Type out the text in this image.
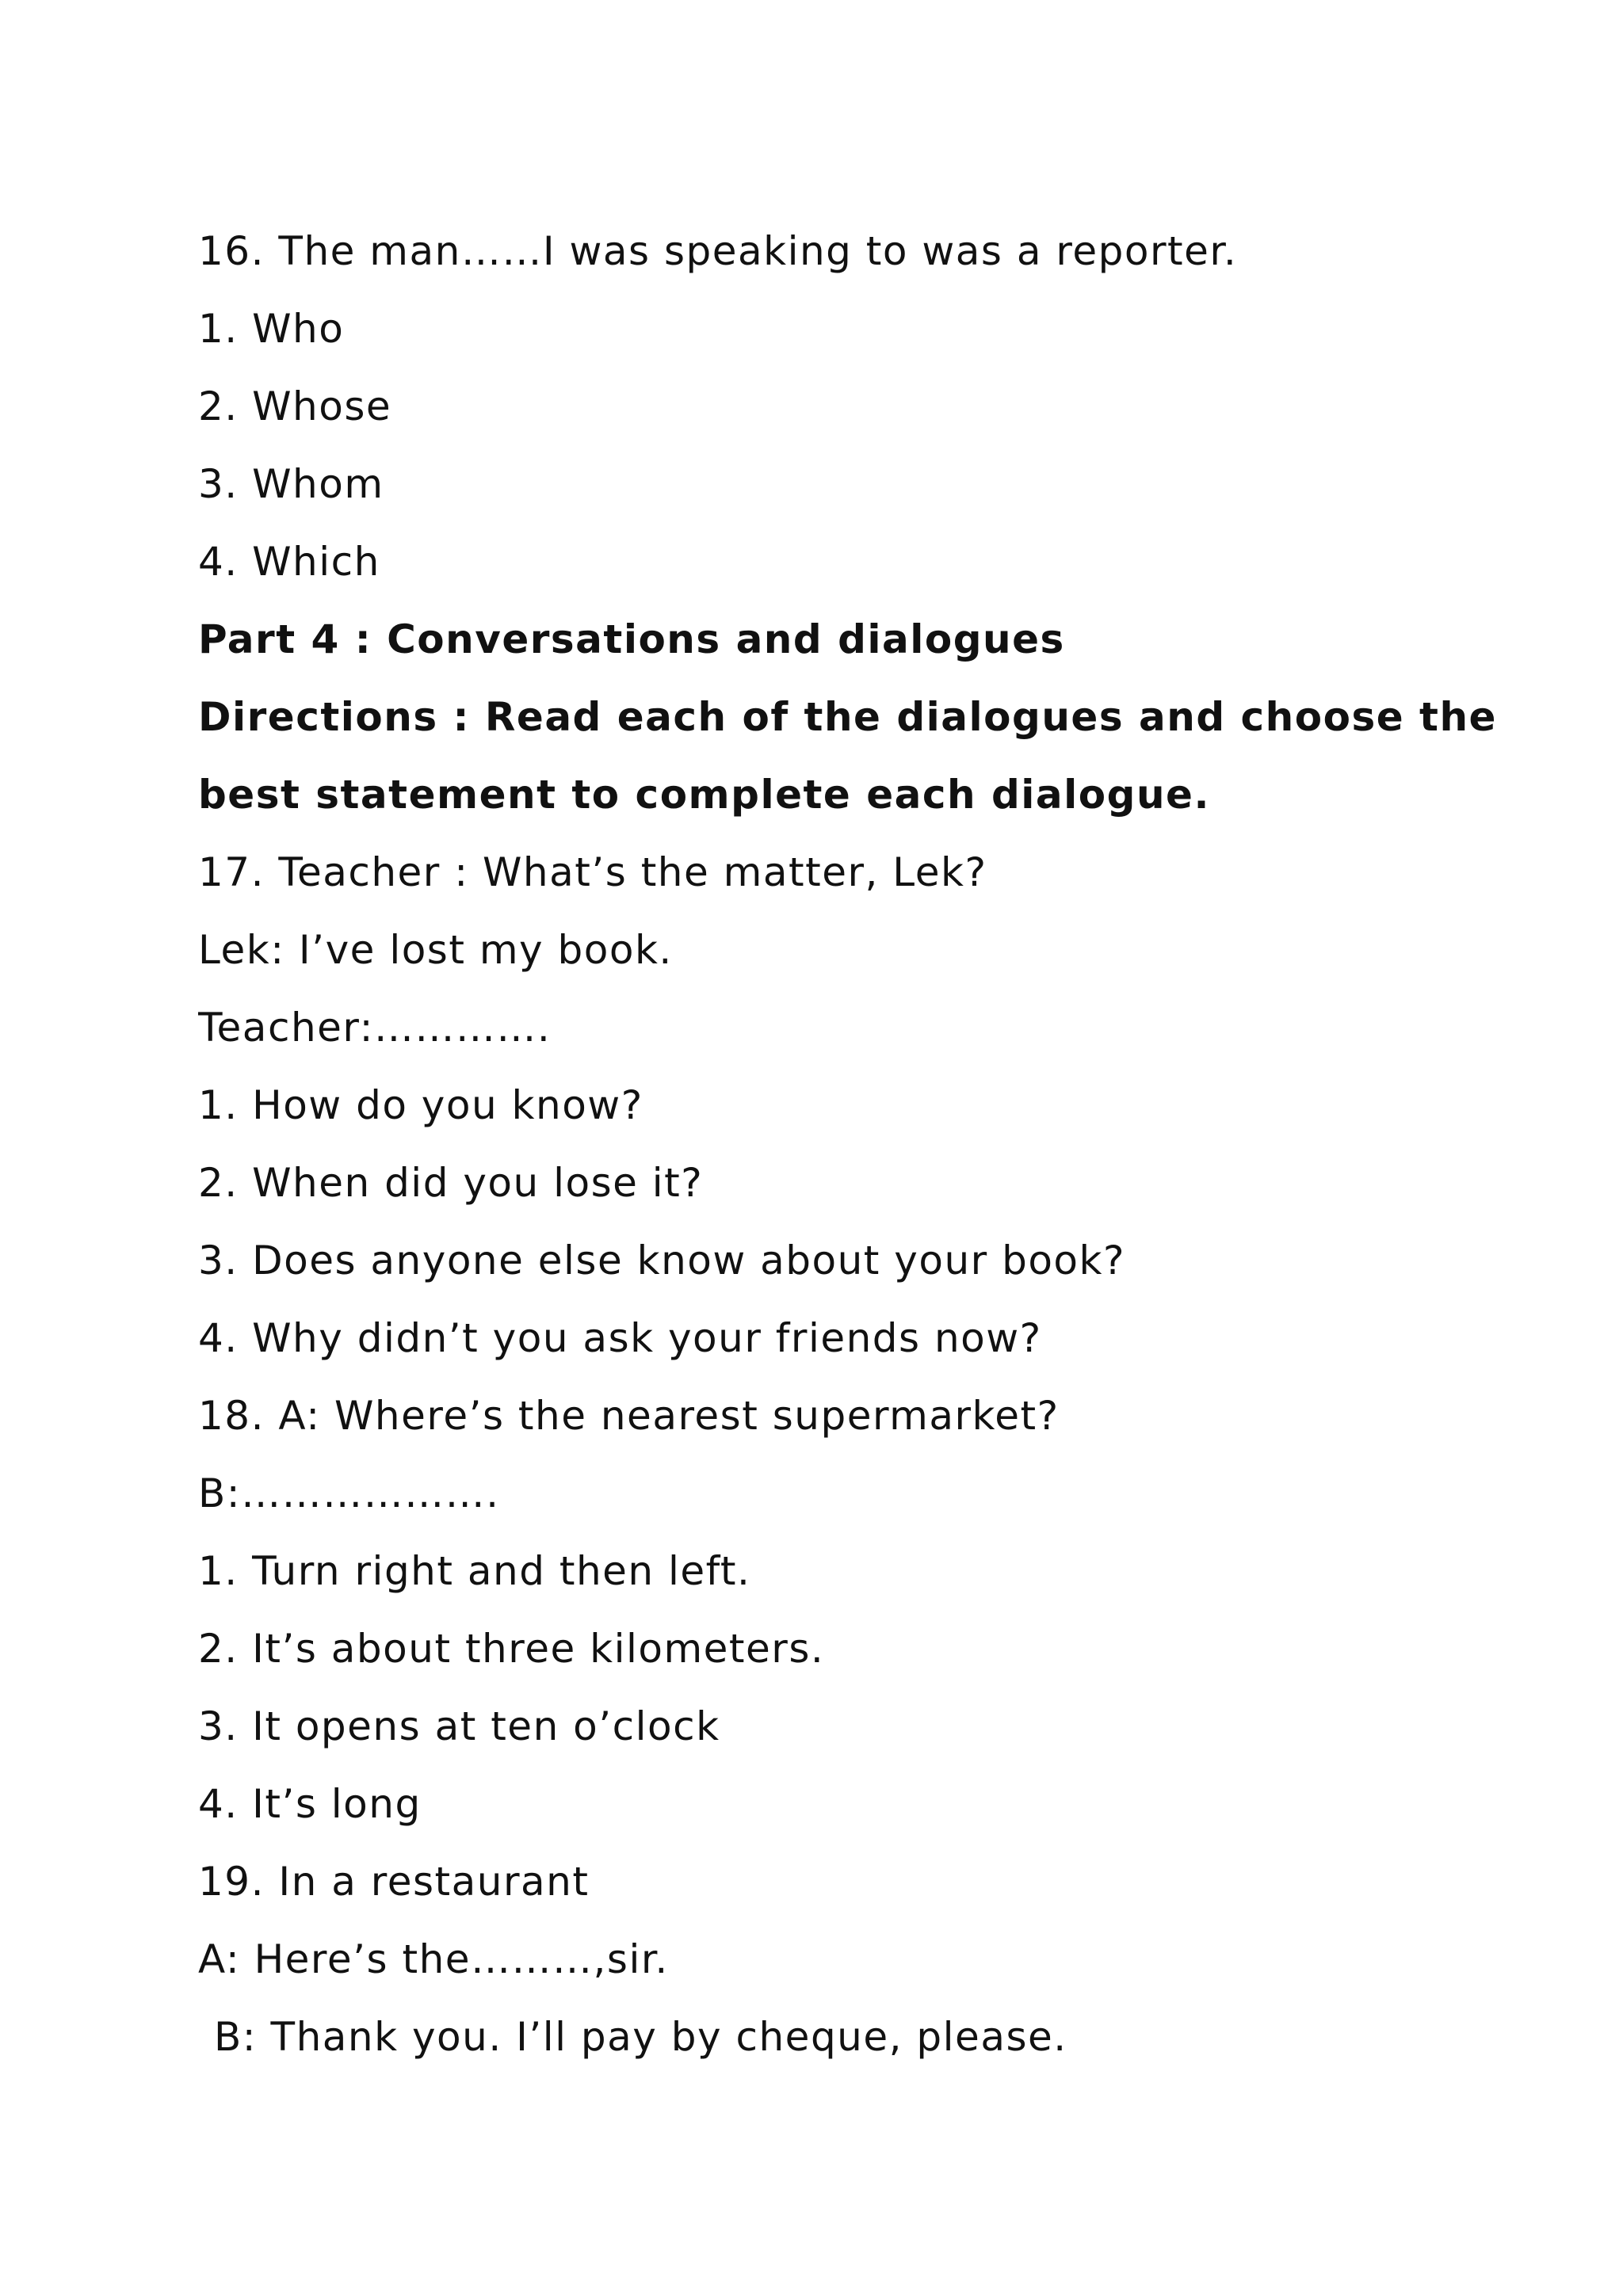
16. The man……I was speaking to was a reporter.
1. Who
2. Whose
3. Whom
4. Which
Part 4 : Conversations and dialogues
Directions : Read each of the dialogues and choose the
best statement to complete each dialogue.
17. Teacher : What’s the matter, Lek?
Lek: I’ve lost my book.
Teacher:………….
1. How do you know?
2. When did you lose it?
3. Does anyone else know about your book?
4. Why didn’t you ask your friends now?
18. A: Where’s the nearest supermarket?
B:……………….
1. Turn right and then left.
2. It’s about three kilometers.
3. It opens at ten o’clock
4. It’s long
19. In a restaurant
A: Here’s the………,sir.
B: Thank you. I’ll pay by cheque, please.
